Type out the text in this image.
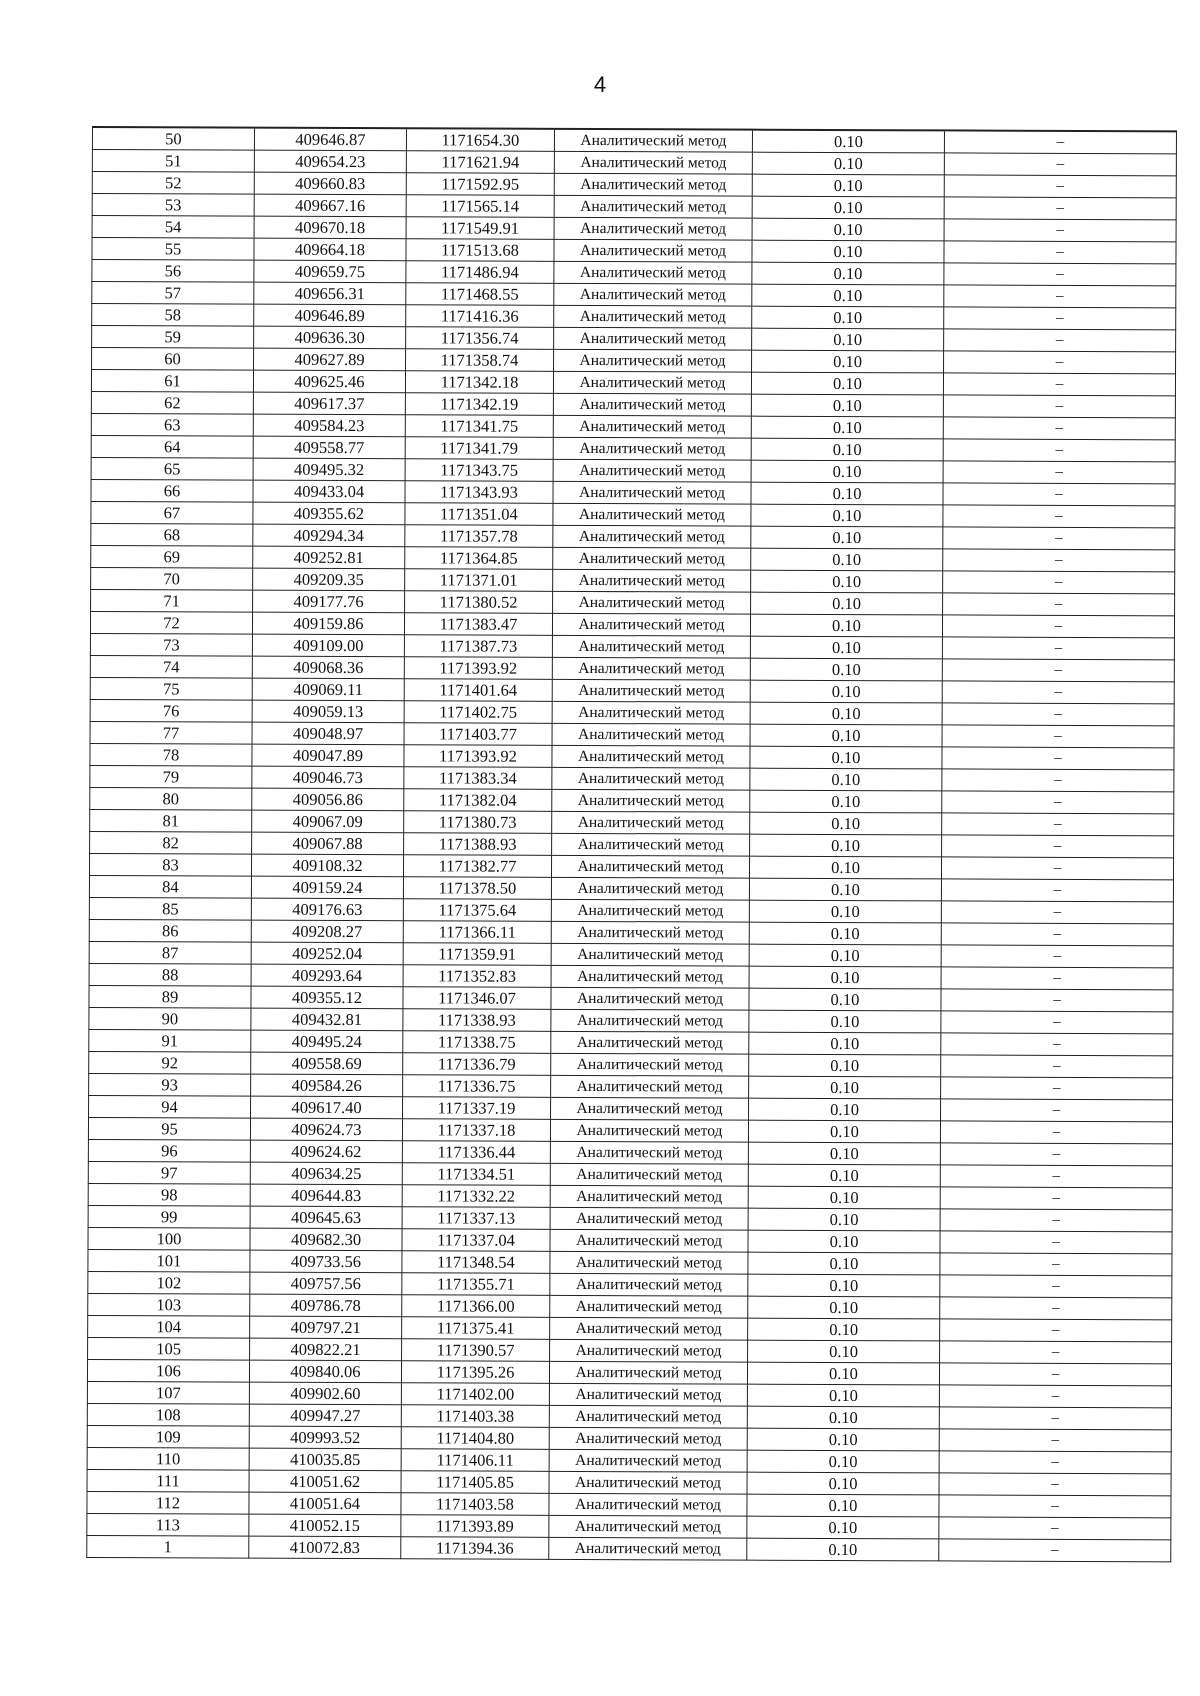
4
50	409646.87	1171654.30	Аналитический метод	0.10	–
51	409654.23	1171621.94	Аналитический метод	0.10	–
52	409660.83	1171592.95	Аналитический метод	0.10	–
53	409667.16	1171565.14	Аналитический метод	0.10	–
54	409670.18	1171549.91	Аналитический метод	0.10	–
55	409664.18	1171513.68	Аналитический метод	0.10	–
56	409659.75	1171486.94	Аналитический метод	0.10	–
57	409656.31	1171468.55	Аналитический метод	0.10	–
58	409646.89	1171416.36	Аналитический метод	0.10	–
59	409636.30	1171356.74	Аналитический метод	0.10	–
60	409627.89	1171358.74	Аналитический метод	0.10	–
61	409625.46	1171342.18	Аналитический метод	0.10	–
62	409617.37	1171342.19	Аналитический метод	0.10	–
63	409584.23	1171341.75	Аналитический метод	0.10	–
64	409558.77	1171341.79	Аналитический метод	0.10	–
65	409495.32	1171343.75	Аналитический метод	0.10	–
66	409433.04	1171343.93	Аналитический метод	0.10	–
67	409355.62	1171351.04	Аналитический метод	0.10	–
68	409294.34	1171357.78	Аналитический метод	0.10	–
69	409252.81	1171364.85	Аналитический метод	0.10	–
70	409209.35	1171371.01	Аналитический метод	0.10	–
71	409177.76	1171380.52	Аналитический метод	0.10	–
72	409159.86	1171383.47	Аналитический метод	0.10	–
73	409109.00	1171387.73	Аналитический метод	0.10	–
74	409068.36	1171393.92	Аналитический метод	0.10	–
75	409069.11	1171401.64	Аналитический метод	0.10	–
76	409059.13	1171402.75	Аналитический метод	0.10	–
77	409048.97	1171403.77	Аналитический метод	0.10	–
78	409047.89	1171393.92	Аналитический метод	0.10	–
79	409046.73	1171383.34	Аналитический метод	0.10	–
80	409056.86	1171382.04	Аналитический метод	0.10	–
81	409067.09	1171380.73	Аналитический метод	0.10	–
82	409067.88	1171388.93	Аналитический метод	0.10	–
83	409108.32	1171382.77	Аналитический метод	0.10	–
84	409159.24	1171378.50	Аналитический метод	0.10	–
85	409176.63	1171375.64	Аналитический метод	0.10	–
86	409208.27	1171366.11	Аналитический метод	0.10	–
87	409252.04	1171359.91	Аналитический метод	0.10	–
88	409293.64	1171352.83	Аналитический метод	0.10	–
89	409355.12	1171346.07	Аналитический метод	0.10	–
90	409432.81	1171338.93	Аналитический метод	0.10	–
91	409495.24	1171338.75	Аналитический метод	0.10	–
92	409558.69	1171336.79	Аналитический метод	0.10	–
93	409584.26	1171336.75	Аналитический метод	0.10	–
94	409617.40	1171337.19	Аналитический метод	0.10	–
95	409624.73	1171337.18	Аналитический метод	0.10	–
96	409624.62	1171336.44	Аналитический метод	0.10	–
97	409634.25	1171334.51	Аналитический метод	0.10	–
98	409644.83	1171332.22	Аналитический метод	0.10	–
99	409645.63	1171337.13	Аналитический метод	0.10	–
100	409682.30	1171337.04	Аналитический метод	0.10	–
101	409733.56	1171348.54	Аналитический метод	0.10	–
102	409757.56	1171355.71	Аналитический метод	0.10	–
103	409786.78	1171366.00	Аналитический метод	0.10	–
104	409797.21	1171375.41	Аналитический метод	0.10	–
105	409822.21	1171390.57	Аналитический метод	0.10	–
106	409840.06	1171395.26	Аналитический метод	0.10	–
107	409902.60	1171402.00	Аналитический метод	0.10	–
108	409947.27	1171403.38	Аналитический метод	0.10	–
109	409993.52	1171404.80	Аналитический метод	0.10	–
110	410035.85	1171406.11	Аналитический метод	0.10	–
111	410051.62	1171405.85	Аналитический метод	0.10	–
112	410051.64	1171403.58	Аналитический метод	0.10	–
113	410052.15	1171393.89	Аналитический метод	0.10	–
1	410072.83	1171394.36	Аналитический метод	0.10	–
